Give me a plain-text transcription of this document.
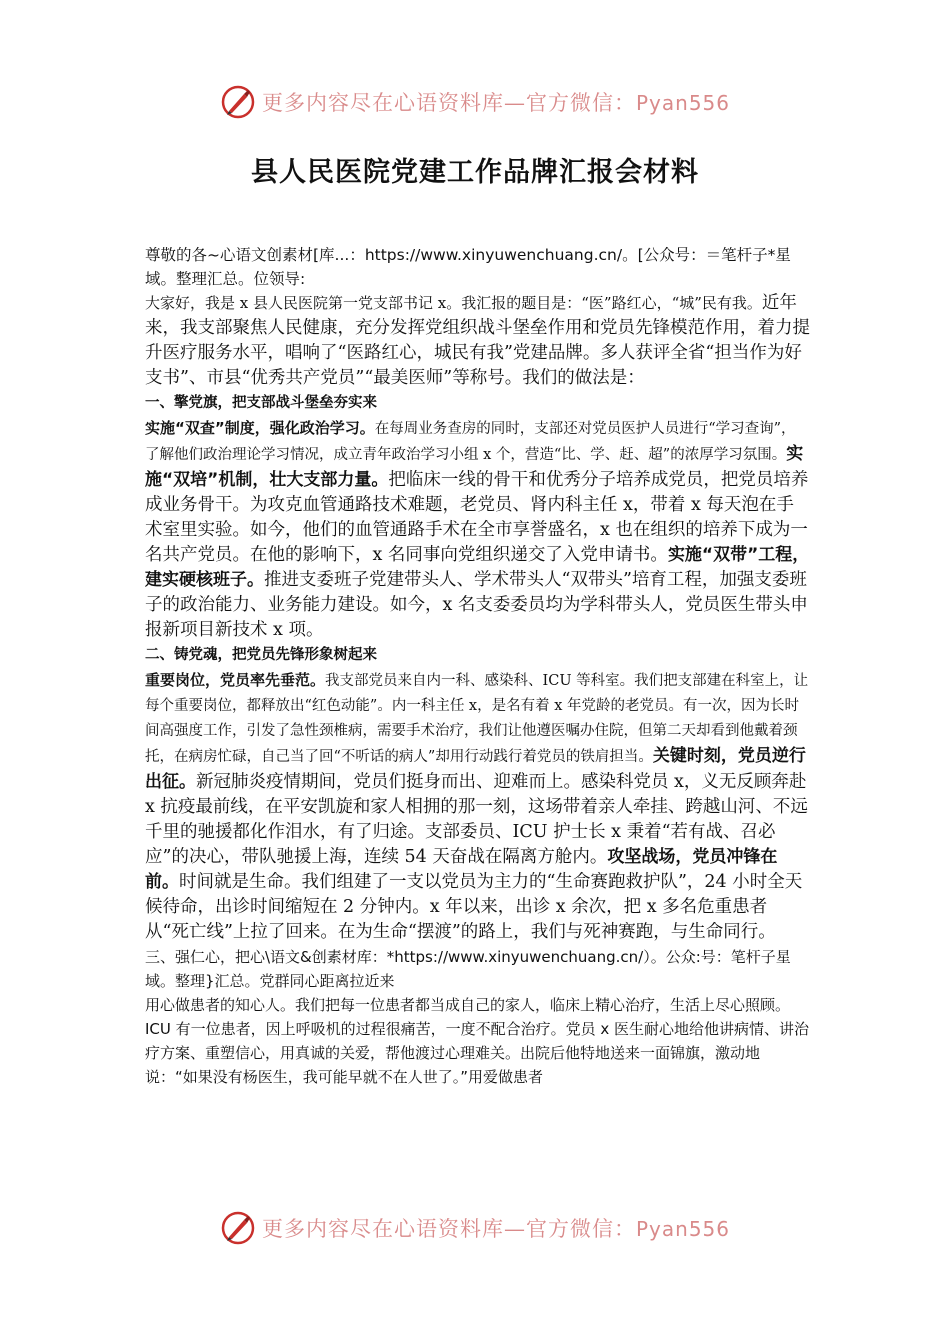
更多内容尽在心语资料库—官方微信：Pyan556
县人民医院党建工作品牌汇报会材料

尊敬的各~心语文创素材[库...：https://www.xinyuwenchuang.cn/。[公众号：＝笔杆子*星域。整理汇总。位领导:

大家好，我是 x 县人民医院第一党支部书记 x。我汇报的题目是：“医”路红心，“城”民有我。近年来，我支部聚焦人民健康，充分发挥党组织战斗堡垒作用和党员先锋模范作用，着力提升医疗服务水平，唱响了“医路红心，城民有我”党建品牌。多人获评全省“担当作为好支书”、市县“优秀共产党员”“最美医师”等称号。我们的做法是：

一、擎党旗，把支部战斗堡垒夯实来

实施“双查”制度，强化政治学习。在每周业务查房的同时，支部还对党员医护人员进行“学习查询”，了解他们政治理论学习情况，成立青年政治学习小组 x 个，营造“比、学、赶、超”的浓厚学习氛围。实施“双培”机制，壮大支部力量。把临床一线的骨干和优秀分子培养成党员，把党员培养成业务骨干。为攻克血管通路技术难题，老党员、肾内科主任 x，带着 x 每天泡在手术室里实验。如今，他们的血管通路手术在全市享誉盛名，x 也在组织的培养下成为一名共产党员。在他的影响下，x 名同事向党组织递交了入党申请书。实施“双带”工程，建实硬核班子。推进支委班子党建带头人、学术带头人“双带头”培育工程，加强支委班子的政治能力、业务能力建设。如今，x 名支委委员均为学科带头人，党员医生带头申报新项目新技术 x 项。

二、铸党魂，把党员先锋形象树起来

重要岗位，党员率先垂范。我支部党员来自内一科、感染科、ICU 等科室。我们把支部建在科室上，让每个重要岗位，都释放出“红色动能”。内一科主任 x，是名有着 x 年党龄的老党员。有一次，因为长时间高强度工作，引发了急性颈椎病，需要手术治疗，我们让他遵医嘱办住院，但第二天却看到他戴着颈托，在病房忙碌，自己当了回“不听话的病人”却用行动践行着党员的铁肩担当。关键时刻，党员逆行出征。新冠肺炎疫情期间，党员们挺身而出、迎难而上。感染科党员 x，义无反顾奔赴 x 抗疫最前线，在平安凯旋和家人相拥的那一刻，这场带着亲人牵挂、跨越山河、不远千里的驰援都化作泪水，有了归途。支部委员、ICU 护士长 x 秉着“若有战、召必应”的决心，带队驰援上海，连续 54 天奋战在隔离方舱内。攻坚战场，党员冲锋在前。时间就是生命。我们组建了一支以党员为主力的“生命赛跑救护队”，24 小时全天候待命，出诊时间缩短在 2 分钟内。x 年以来，出诊 x 余次，把 x 多名危重患者从“死亡线”上拉了回来。在为生命“摆渡”的路上，我们与死神赛跑，与生命同行。

三、强仁心，把心\语文&创素材库：*https://www.xinyuwenchuang.cn/）。公众:号：笔杆子星域。整理}汇总。党群同心距离拉近来

用心做患者的知心人。我们把每一位患者都当成自己的家人，临床上精心治疗，生活上尽心照顾。ICU 有一位患者，因上呼吸机的过程很痛苦，一度不配合治疗。党员 x 医生耐心地给他讲病情、讲治疗方案、重塑信心，用真诚的关爱，帮他渡过心理难关。出院后他特地送来一面锦旗，激动地说：“如果没有杨医生，我可能早就不在人世了。”用爱做患者

更多内容尽在心语资料库—官方微信：Pyan556
